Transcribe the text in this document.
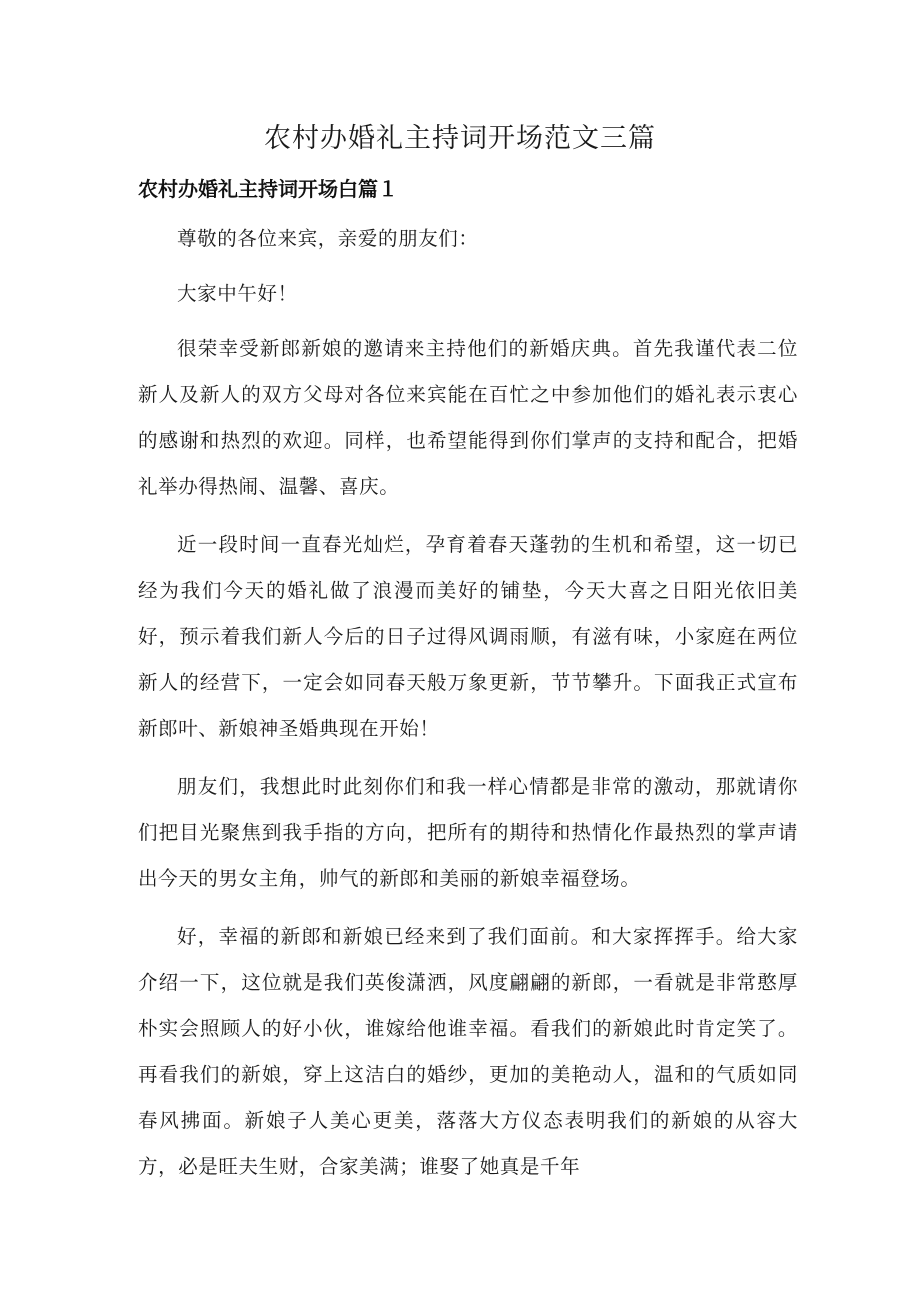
农村办婚礼主持词开场范文三篇
农村办婚礼主持词开场白篇１

尊敬的各位来宾，亲爱的朋友们：

大家中午好！

很荣幸受新郎新娘的邀请来主持他们的新婚庆典。首先我谨代表二位新人及新人的双方父母对各位来宾能在百忙之中参加他们的婚礼表示衷心的感谢和热烈的欢迎。同样，也希望能得到你们掌声的支持和配合，把婚礼举办得热闹、温馨、喜庆。

近一段时间一直春光灿烂，孕育着春天蓬勃的生机和希望，这一切已经为我们今天的婚礼做了浪漫而美好的铺垫，今天大喜之日阳光依旧美好，预示着我们新人今后的日子过得风调雨顺，有滋有味，小家庭在两位新人的经营下，一定会如同春天般万象更新，节节攀升。下面我正式宣布新郎叶、新娘神圣婚典现在开始！

朋友们，我想此时此刻你们和我一样心情都是非常的激动，那就请你们把目光聚焦到我手指的方向，把所有的期待和热情化作最热烈的掌声请出今天的男女主角，帅气的新郎和美丽的新娘幸福登场。

好，幸福的新郎和新娘已经来到了我们面前。和大家挥挥手。给大家介绍一下，这位就是我们英俊潇洒，风度翩翩的新郎，一看就是非常憨厚朴实会照顾人的好小伙，谁嫁给他谁幸福。看我们的新娘此时肯定笑了。再看我们的新娘，穿上这洁白的婚纱，更加的美艳动人，温和的气质如同春风拂面。新娘子人美心更美，落落大方仪态表明我们的新娘的从容大方，必是旺夫生财，合家美满；谁娶了她真是千年
